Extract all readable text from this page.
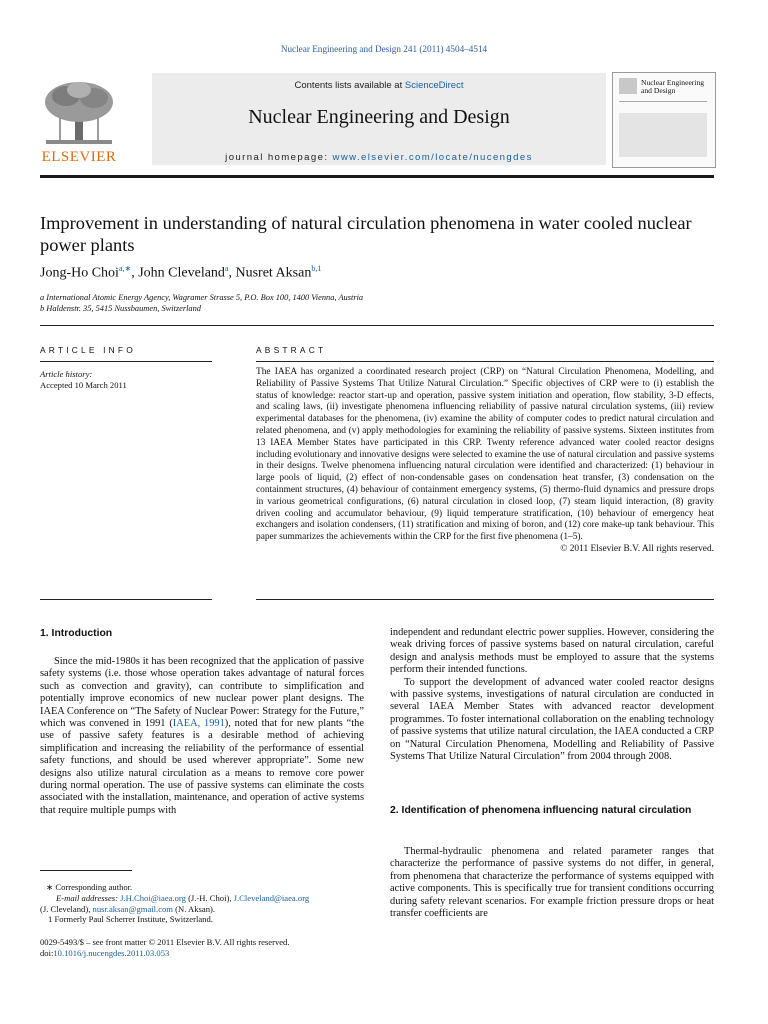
Nuclear Engineering and Design 241 (2011) 4504–4514
ELSEVIER
Contents lists available at ScienceDirect
Nuclear Engineering and Design
journal homepage: www.elsevier.com/locate/nucengdes
Nuclear Engineering and Design
Improvement in understanding of natural circulation phenomena in water cooled nuclear power plants
Jong-Ho Choi$^{a,∗}$, John Cleveland$^a$, Nusret Aksan$^{b,1}$
a International Atomic Energy Agency, Wagramer Strasse 5, P.O. Box 100, 1400 Vienna, Austria
b Haldenstr. 35, 5415 Nussbaumen, Switzerland
ARTICLE INFO
Article history:
Accepted 10 March 2011
ABSTRACT
The IAEA has organized a coordinated research project (CRP) on “Natural Circulation Phenomena, Modelling, and Reliability of Passive Systems That Utilize Natural Circulation.” Specific objectives of CRP were to (i) establish the status of knowledge: reactor start-up and operation, passive system initiation and operation, flow stability, 3-D effects, and scaling laws, (ii) investigate phenomena influencing reliability of passive natural circulation systems, (iii) review experimental databases for the phenomena, (iv) examine the ability of computer codes to predict natural circulation and related phenomena, and (v) apply methodologies for examining the reliability of passive systems. Sixteen institutes from 13 IAEA Member States have participated in this CRP. Twenty reference advanced water cooled reactor designs including evolutionary and innovative designs were selected to examine the use of natural circulation and passive systems in their designs. Twelve phenomena influencing natural circulation were identified and characterized: (1) behaviour in large pools of liquid, (2) effect of non-condensable gases on condensation heat transfer, (3) condensation on the containment structures, (4) behaviour of containment emergency systems, (5) thermo-fluid dynamics and pressure drops in various geometrical configurations, (6) natural circulation in closed loop, (7) steam liquid interaction, (8) gravity driven cooling and accumulator behaviour, (9) liquid temperature stratification, (10) behaviour of emergency heat exchangers and isolation condensers, (11) stratification and mixing of boron, and (12) core make-up tank behaviour. This paper summarizes the achievements within the CRP for the first five phenomena (1–5).
© 2011 Elsevier B.V. All rights reserved.
1. Introduction

Since the mid-1980s it has been recognized that the application of passive safety systems (i.e. those whose operation takes advantage of natural forces such as convection and gravity), can contribute to simplification and potentially improve economics of new nuclear power plant designs. The IAEA Conference on “The Safety of Nuclear Power: Strategy for the Future,” which was convened in 1991 (IAEA, 1991), noted that for new plants “the use of passive safety features is a desirable method of achieving simplification and increasing the reliability of the performance of essential safety functions, and should be used wherever appropriate”. Some new designs also utilize natural circulation as a means to remove core power during normal operation. The use of passive systems can eliminate the costs associated with the installation, maintenance, and operation of active systems that require multiple pumps with

∗ Corresponding author.

E-mail addresses: J.H.Choi@iaea.org (J.-H. Choi), J.Cleveland@iaea.org

(J. Cleveland), nusr.aksan@gmail.com (N. Aksan).

1 Formerly Paul Scherrer Institute, Switzerland.

0029-5493/$ – see front matter © 2011 Elsevier B.V. All rights reserved.
doi:10.1016/j.nucengdes.2011.03.053

independent and redundant electric power supplies. However, considering the weak driving forces of passive systems based on natural circulation, careful design and analysis methods must be employed to assure that the systems perform their intended functions.

To support the development of advanced water cooled reactor designs with passive systems, investigations of natural circulation are conducted in several IAEA Member States with advanced reactor development programmes. To foster international collaboration on the enabling technology of passive systems that utilize natural circulation, the IAEA conducted a CRP on “Natural Circulation Phenomena, Modelling and Reliability of Passive Systems That Utilize Natural Circulation” from 2004 through 2008.

2. Identification of phenomena influencing natural circulation

Thermal-hydraulic phenomena and related parameter ranges that characterize the performance of passive systems do not differ, in general, from phenomena that characterize the performance of systems equipped with active components. This is specifically true for transient conditions occurring during safety relevant scenarios. For example friction pressure drops or heat transfer coefficients are
